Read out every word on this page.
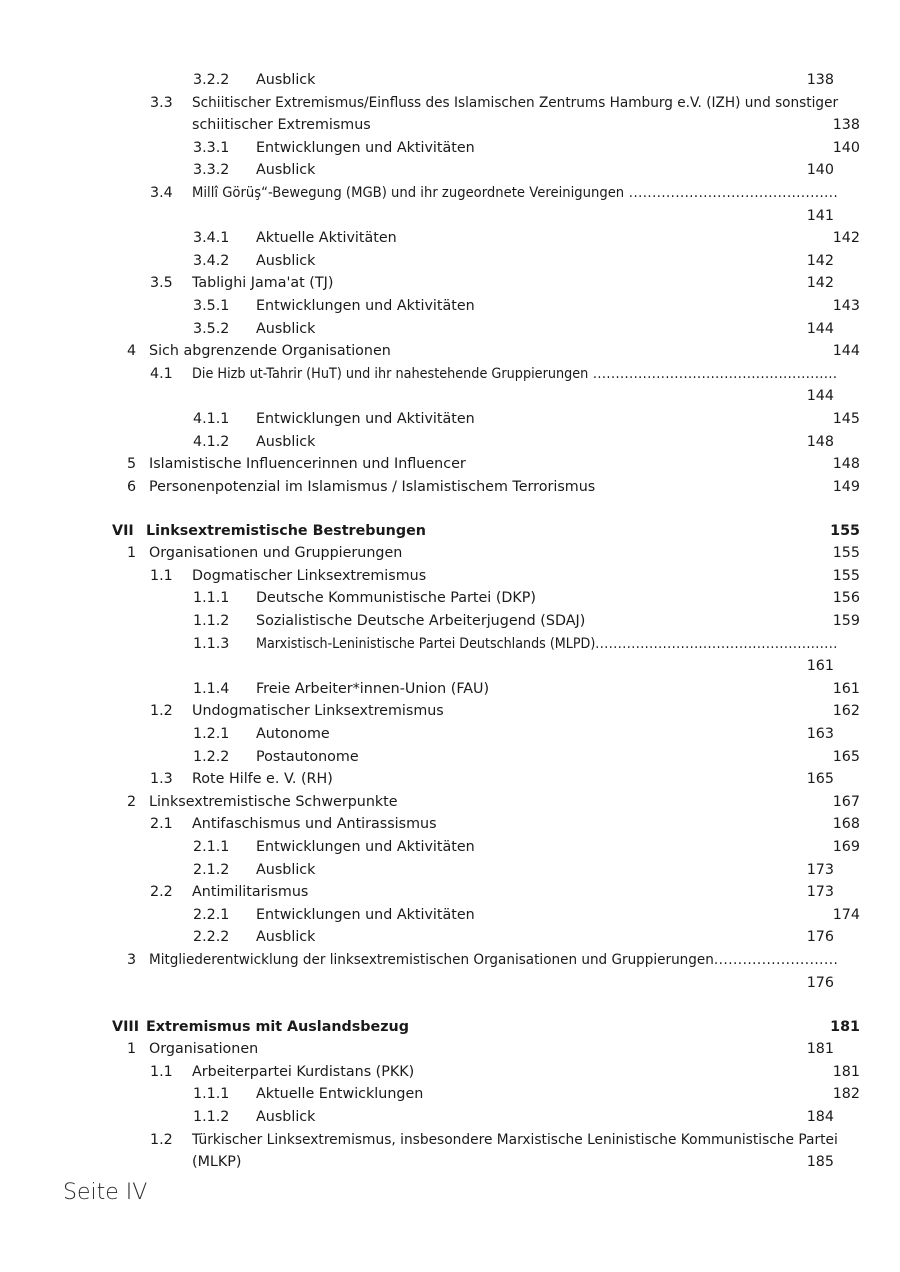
3.2.2 Ausblick	138
3.3 Schiitischer Extremismus/Einfluss des Islamischen Zentrums Hamburg e.V. (IZH) und sonstiger
schiitischer Extremismus	138
3.3.1 Entwicklungen und Aktivitäten	140
3.3.2 Ausblick	140
3.4 Millî Görüş“-Bewegung (MGB) und ihr zugeordnete Vereinigungen .............................................
141
3.4.1 Aktuelle Aktivitäten	142
3.4.2 Ausblick	142
3.5 Tablighi Jama'at (TJ)	142
3.5.1 Entwicklungen und Aktivitäten	143
3.5.2 Ausblick	144
4 Sich abgrenzende Organisationen	144
4.1 Die Hizb ut-Tahrir (HuT) und ihr nahestehende Gruppierungen ......................................................
144
4.1.1 Entwicklungen und Aktivitäten	145
4.1.2 Ausblick	148
5 Islamistische Influencerinnen und Influencer	148
6 Personenpotenzial im Islamismus / Islamistischem Terrorismus	149
VII Linksextremistische Bestrebungen	155
1 Organisationen und Gruppierungen	155
1.1 Dogmatischer Linksextremismus	155
1.1.1 Deutsche Kommunistische Partei (DKP)	156
1.1.2 Sozialistische Deutsche Arbeiterjugend (SDAJ)	159
1.1.3 Marxistisch-Leninistische Partei Deutschlands (MLPD)......................................................
161
1.1.4 Freie Arbeiter*innen-Union (FAU)	161
1.2 Undogmatischer Linksextremismus	162
1.2.1 Autonome	163
1.2.2 Postautonome	165
1.3 Rote Hilfe e. V. (RH)	165
2 Linksextremistische Schwerpunkte	167
2.1 Antifaschismus und Antirassismus	168
2.1.1 Entwicklungen und Aktivitäten	169
2.1.2 Ausblick	173
2.2 Antimilitarismus	173
2.2.1 Entwicklungen und Aktivitäten	174
2.2.2 Ausblick	176
3 Mitgliederentwicklung der linksextremistischen Organisationen und Gruppierungen..........................
176
VIII Extremismus mit Auslandsbezug	181
1 Organisationen	181
1.1 Arbeiterpartei Kurdistans (PKK)	181
1.1.1 Aktuelle Entwicklungen	182
1.1.2 Ausblick	184
1.2 Türkischer Linksextremismus, insbesondere Marxistische Leninistische Kommunistische Partei
(MLKP)	185
Seite IV
